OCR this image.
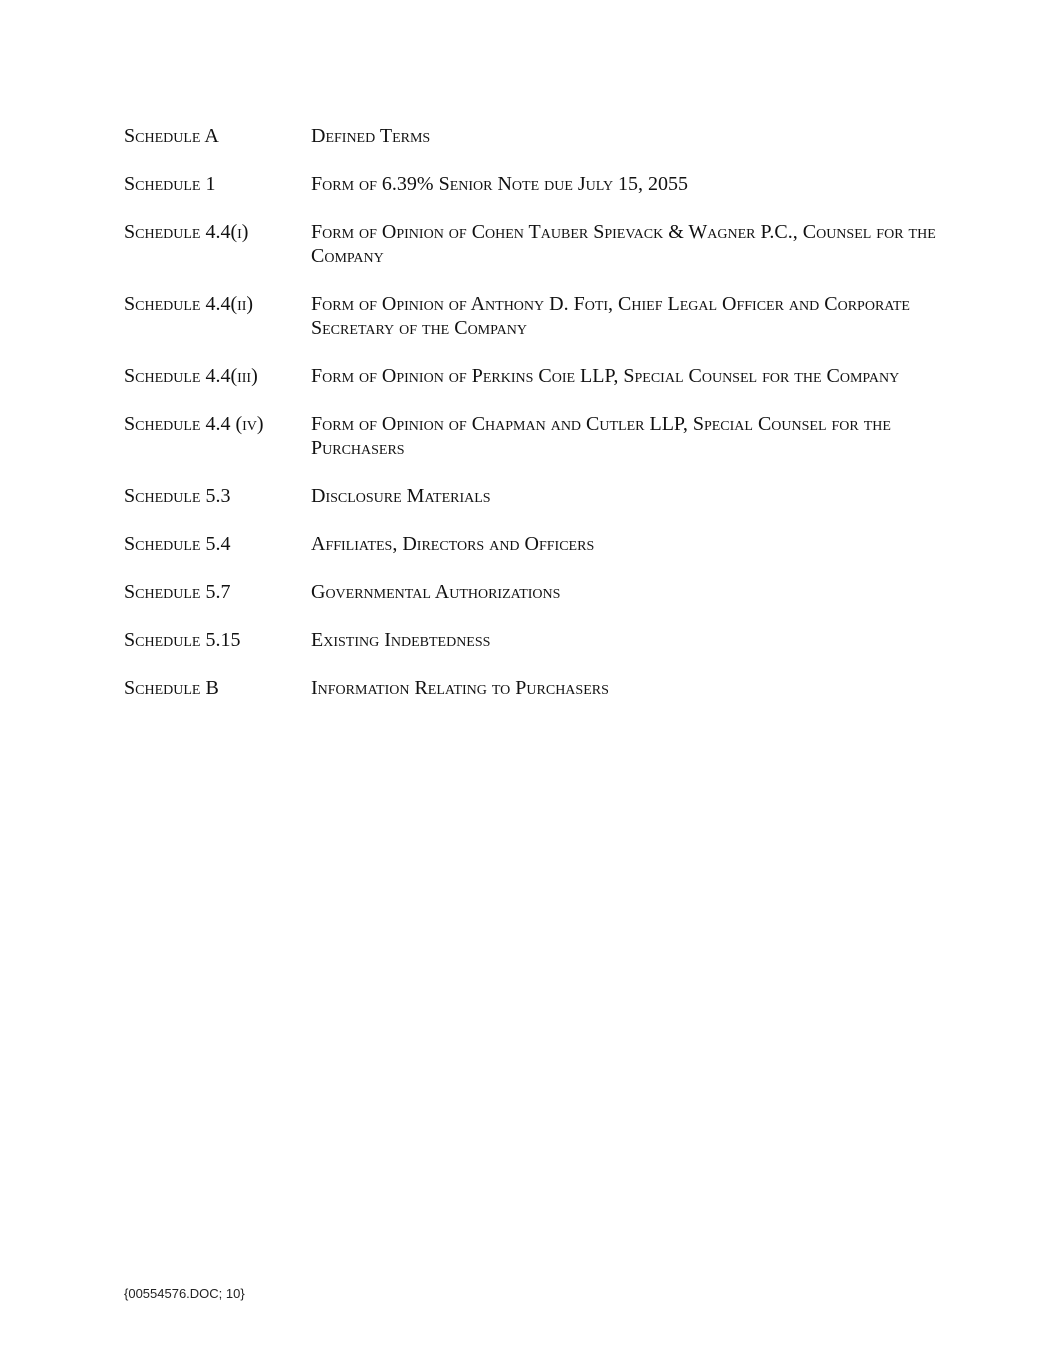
Schedule A	Defined Terms
Schedule 1	Form of 6.39% Senior Note due July 15, 2055
Schedule 4.4(i)	Form of Opinion of Cohen Tauber Spievack & Wagner P.C., Counsel for the Company
Schedule 4.4(ii)	Form of Opinion of Anthony D. Foti, Chief Legal Officer and Corporate Secretary of the Company
Schedule 4.4(iii)	Form of Opinion of Perkins Coie LLP, Special Counsel for the Company
Schedule 4.4 (iv)	Form of Opinion of Chapman and Cutler LLP, Special Counsel for the Purchasers
Schedule 5.3	Disclosure Materials
Schedule 5.4	Affiliates, Directors and Officers
Schedule 5.7	Governmental Authorizations
Schedule 5.15	Existing Indebtedness
Schedule B	Information Relating to Purchasers
{00554576.DOC; 10}
